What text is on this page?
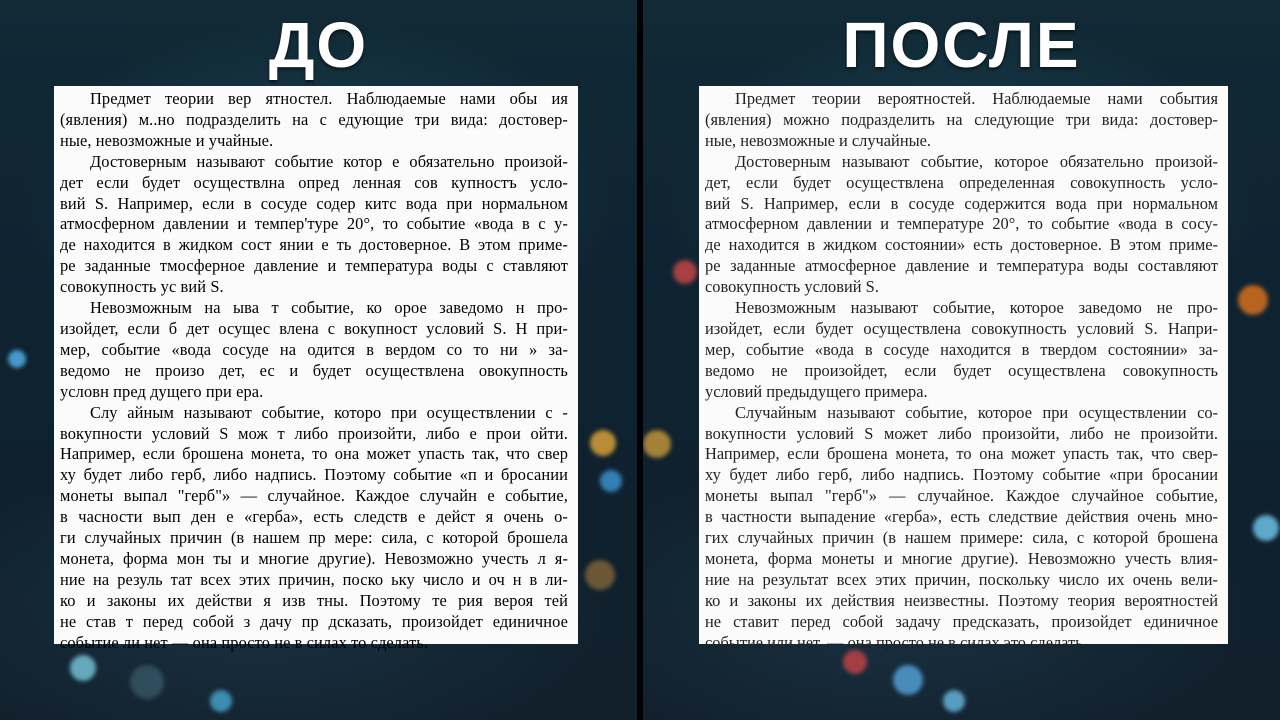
ДО
Предмет теории вер ятностел. Наблюдаемые нами обы ия
(явления) м..но подразделить на с едующие три вида: достовер-
ные, невозможные и учайные.
Достоверным называют событие котор е обязательно произой-
дет если будет осуществлна опред ленная сов купностъ усло-
вий S. Например, если в сосуде содер китс вода при нормальном
атмосферном давлении и темпер'туре 20°, то событие «вода в с у-
де находится в жидком сост янии е ть достоверное. В этом приме-
ре заданные тмосферное давление и температура воды с ставляют
совокупность ус вий S.
Невозможным на ыва т событие, ко орое заведомо н про-
изойдет, если б дет осущес вленa с вокупност условий S. Н при-
мер, событие «вода сосуде на одится в вердом со то ни » за-
ведомо не произо дет, ес и будет осуществлена овокупность
условн пред дущего при ера.
Слу айным называют событие, которо при осуществлении с -
вокупности условий S мож т либо произойти, либо е прои ойти.
Например, если брошена монета, то она может упасть так, что свер
ху будет либо герб, либо надпись. Поэтому событие «п и бросании
монеты выпал "герб"» — случайное. Каждое случайн е событие,
в часности вып ден е «герба», есть следств е дейст я очень о-
ги случайных причин (в нашем пр мере: сила, с которой брошела
монета, форма мон ты и многие другие). Невозможно учесть л я-
ние на резуль тат всех этих причин, поско ьку число и оч н в ли-
ко и законы их действи я изв тны. Поэтому те рия вероя тей
не став т перед собой з дачу пр дсказать, произойдет единичное
событие ли нет — она просто не в силах то сделать.
ПОСЛЕ
Предмет теории вероятностей. Наблюдаемые нами события
(явления) можно подразделить на следующие три вида: достовер-
ные, невозможные и случайные.
Достоверным называют событие, которое обязательно произой-
дет, если будет осуществлена определенная совокупность усло-
вий S. Например, если в сосуде содержится вода при нормальном
атмосферном давлении и температуре 20°, то событие «вода в сосу-
де находится в жидком состоянии» есть достоверное. В этом приме-
ре заданные атмосферное давление и температура воды составляют
совокупность условий S.
Невозможным называют событие, которое заведомо не про-
изойдет, если будет осуществлена совокупность условий S. Напри-
мер, событие «вода в сосуде находится в твердом состоянии» за-
ведомо не произойдет, если будет осуществлена совокупность
условий предыдущего примера.
Случайным называют событие, которое при осуществлении со-
вокупности условий S может либо произойти, либо не произойти.
Например, если брошена монета, то она может упасть так, что свер-
ху будет либо герб, либо надпись. Поэтому событие «при бросании
монеты выпал "герб"» — случайное. Каждое случайное событие,
в частности выпадение «герба», есть следствие действия очень мно-
гих случайных причин (в нашем примере: сила, с которой брошена
монета, форма монеты и многие другие). Невозможно учесть влия-
ние на результат всех этих причин, поскольку число их очень вели-
ко и законы их действия неизвестны. Поэтому теория вероятностей
не ставит перед собой задачу предсказать, произойдет единичное
событие или нет, — она просто не в силах это сделать.
